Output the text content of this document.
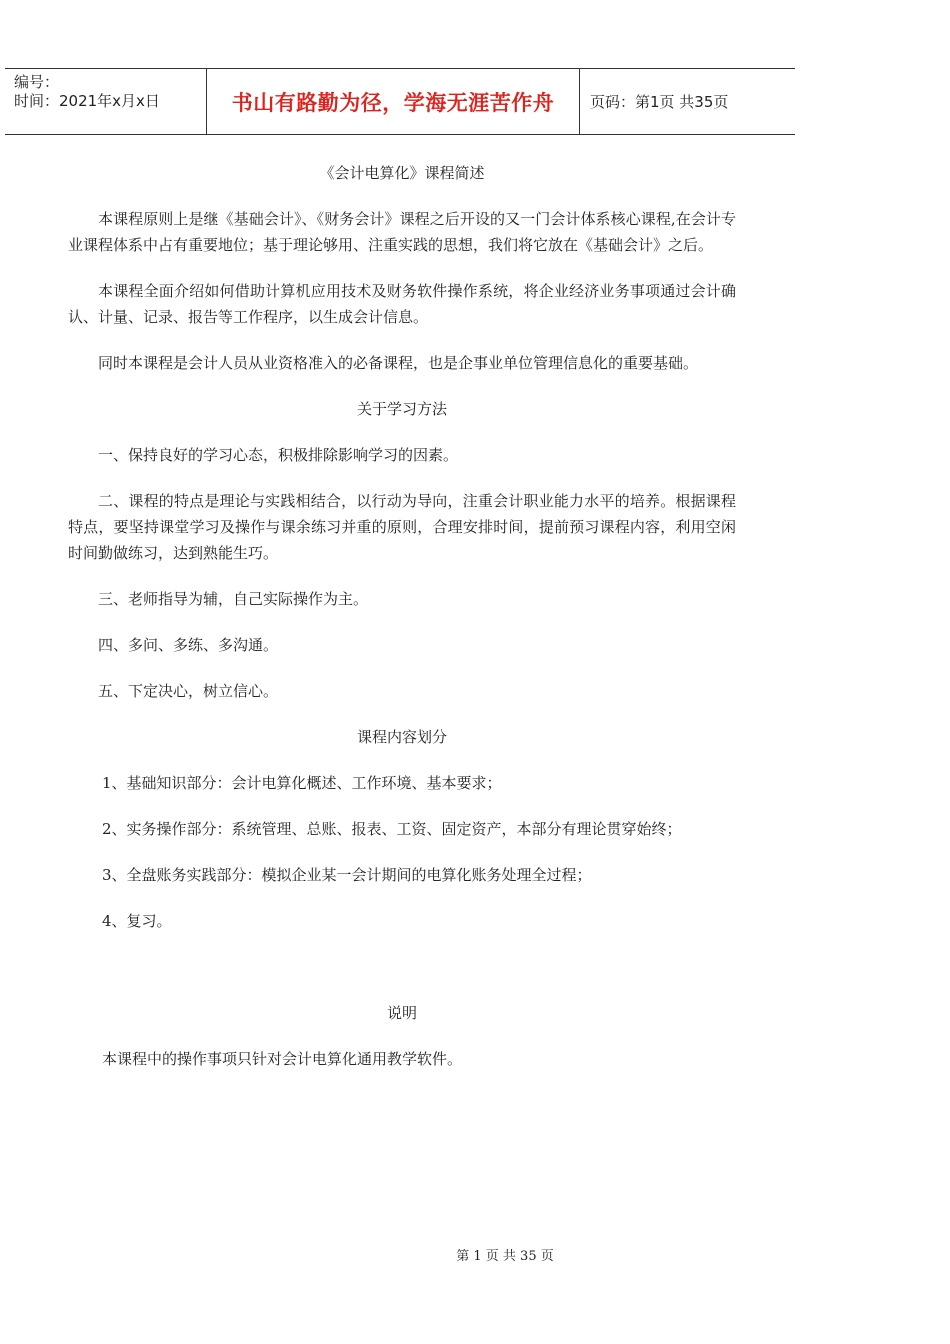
编号：
时间：2021年x月x日	书山有路勤为径，学海无涯苦作舟 页码：第1页 共35页

《会计电算化》课程简述

本课程原则上是继《基础会计》、《财务会计》课程之后开设的又一门会计体系核心课程,在会计专业课程体系中占有重要地位；基于理论够用、注重实践的思想，我们将它放在《基础会计》之后。

本课程全面介绍如何借助计算机应用技术及财务软件操作系统，将企业经济业务事项通过会计确认、计量、记录、报告等工作程序，以生成会计信息。

同时本课程是会计人员从业资格准入的必备课程，也是企事业单位管理信息化的重要基础。

关于学习方法

一、保持良好的学习心态，积极排除影响学习的因素。

二、课程的特点是理论与实践相结合，以行动为导向，注重会计职业能力水平的培养。根据课程特点，要坚持课堂学习及操作与课余练习并重的原则，合理安排时间，提前预习课程内容，利用空闲时间勤做练习，达到熟能生巧。

三、老师指导为辅，自己实际操作为主。

四、多问、多练、多沟通。

五、下定决心，树立信心。

课程内容划分

1、基础知识部分：会计电算化概述、工作环境、基本要求；

2、实务操作部分：系统管理、总账、报表、工资、固定资产，本部分有理论贯穿始终；

3、全盘账务实践部分：模拟企业某一会计期间的电算化账务处理全过程；

4、复习。

说明

本课程中的操作事项只针对会计电算化通用教学软件。

第 1 页 共 35 页
